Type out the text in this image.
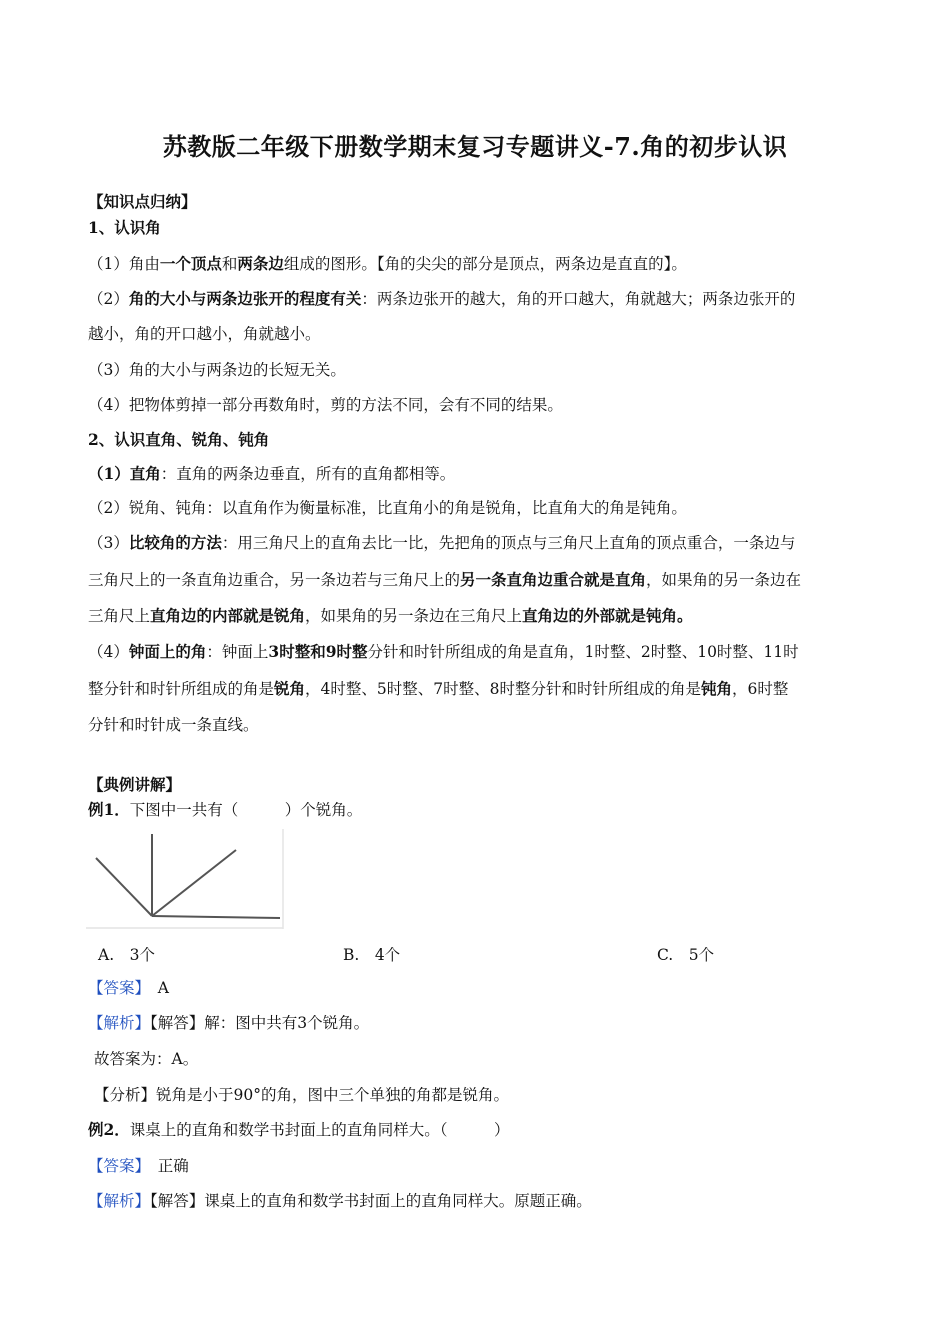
苏教版二年级下册数学期末复习专题讲义-7.角的初步认识
【知识点归纳】
1、认识角
（1）角由一个顶点和两条边组成的图形。【角的尖尖的部分是顶点，两条边是直直的】。
（2）角的大小与两条边张开的程度有关：两条边张开的越大，角的开口越大，角就越大；两条边张开的
越小，角的开口越小，角就越小。
（3）角的大小与两条边的长短无关。
（4）把物体剪掉一部分再数角时，剪的方法不同，会有不同的结果。
2、认识直角、锐角、钝角
（1）直角：直角的两条边垂直，所有的直角都相等。
（2）锐角、钝角：以直角作为衡量标准，比直角小的角是锐角，比直角大的角是钝角。
（3）比较角的方法：用三角尺上的直角去比一比，先把角的顶点与三角尺上直角的顶点重合，一条边与
三角尺上的一条直角边重合，另一条边若与三角尺上的另一条直角边重合就是直角，如果角的另一条边在
三角尺上直角边的内部就是锐角，如果角的另一条边在三角尺上直角边的外部就是钝角。
（4）钟面上的角：钟面上3时整和9时整分针和时针所组成的角是直角，1时整、2时整、10时整、11时
整分针和时针所组成的角是锐角，4时整、5时整、7时整、8时整分针和时针所组成的角是钝角，6时整
分针和时针成一条直线。
【典例讲解】
例1．下图中一共有（　　　）个锐角。
A.　3个	B.　4个	C.　5个
【答案】　 A
【解析】【解答】解：图中共有3个锐角。
故答案为：A。
【分析】锐角是小于90°的角，图中三个单独的角都是锐角。
例2．课桌上的直角和数学书封面上的直角同样大。（　　　）
【答案】　 正确
【解析】【解答】课桌上的直角和数学书封面上的直角同样大。原题正确。
